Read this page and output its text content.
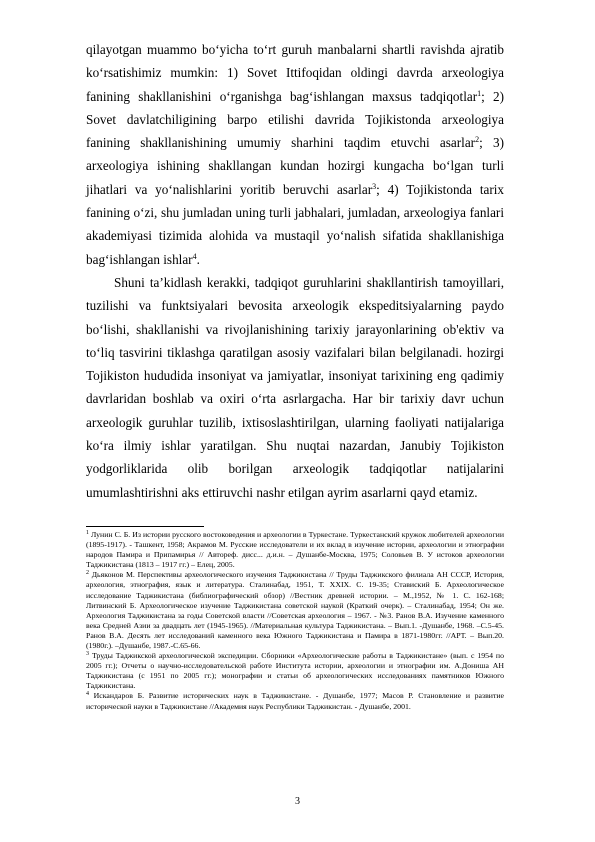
qilayotgan muammo bo‘yicha to‘rt guruh manbalarni shartli ravishda ajratib ko‘rsatishimiz mumkin: 1) Sovet Ittifoqidan oldingi davrda arxeologiya fanining shakllanishini o‘rganishga bag‘ishlangan maxsus tadqiqotlar$^1$; 2) Sovet davlatchiligining barpo etilishi davrida Tojikistonda arxeologiya fanining shakllanishining umumiy sharhini taqdim etuvchi asarlar$^2$; 3) arxeologiya ishining shakllangan kundan hozirgi kungacha bo‘lgan turli jihatlari va yo‘nalishlarini yoritib beruvchi asarlar$^3$; 4) Tojikistonda tarix fanining o‘zi, shu jumladan uning turli jabhalari, jumladan, arxeologiya fanlari akademiyasi tizimida alohida va mustaqil yo‘nalish sifatida shakllanishiga bag‘ishlangan ishlar$^4$.

Shuni ta’kidlash kerakki, tadqiqot guruhlarini shakllantirish tamoyillari, tuzilishi va funktsiyalari bevosita arxeologik ekspeditsiyalarning paydo bo‘lishi, shakllanishi va rivojlanishining tarixiy jarayonlarining ob'ektiv va to‘liq tasvirini tiklashga qaratilgan asosiy vazifalari bilan belgilanadi. hozirgi Tojikiston hududida insoniyat va jamiyatlar, insoniyat tarixining eng qadimiy davrlaridan boshlab va oxiri o‘rta asrlargacha. Har bir tarixiy davr uchun arxeologik guruhlar tuzilib, ixtisoslashtirilgan, ularning faoliyati natijalariga ko‘ra ilmiy ishlar yaratilgan. Shu nuqtai nazardan, Janubiy Tojikiston yodgorliklarida olib borilgan arxeologik tadqiqotlar natijalarini umumlashtirishni aks ettiruvchi nashr etilgan ayrim asarlarni qayd etamiz.

$^1$ Лунин С. Б. Из истории русского востоковедения и археологии в Туркестане. Туркестанский кружок любителей археологии (1895-1917). - Ташкент, 1958; Акрамов М. Русские исследователи и их вклад в изучение истории, археологии и этнографии народов Памира и Припамирья // Автореф. дисс... д.и.н. – Душанбе-Москва, 1975; Соловьев В. У истоков археологии Таджикистана (1813 – 1917 гг.) – Елец, 2005.

$^2$ Дьяконов М. Перспективы археологического изучения Таджикистана // Труды Таджикского филиала АН СССР, История, археология, этнография, язык и литература. Сталинабад, 1951, Т. XXIX. С. 19-35; Ставиский Б. Археологическое исследование Таджикистана (библиографический обзор) //Вестник древней истории. – М.,1952, № 1. С. 162-168; Литвинский Б. Археологическое изучение Таджикистана советской наукой (Краткий очерк). – Сталинабад, 1954; Он же. Археология Таджикистана за годы Советской власти //Советская археология – 1967. - №3. Ранов В.А. Изучение каменного века Средней Азии за двадцать лет (1945-1965). //Материальная культура Таджикистана. – Вып.1. -Душанбе, 1968. –С.5-45. Ранов В.А. Десять лет исследований каменного века Южного Таджикистана и Памира в 1871-1980гг. //АРТ. – Вып.20. (1980г.). –Душанбе, 1987.-С.65-66.

$^3$ Труды Таджикской археологической экспедиции. Сборники «Археологические работы в Таджикистане» (вып. с 1954 по 2005 гг.); Отчеты о научно-исследовательской работе Института истории, археологии и этнографии им. А.Дониша АН Таджикистана (с 1951 по 2005 гг.); монографии и статьи об археологических исследованиях памятников Южного Таджикистана.

$^4$ Искандаров Б. Развитие исторических наук в Таджикистане. - Душанбе, 1977; Масов Р. Становление и развитие исторической науки в Таджикистане //Академия наук Республики Таджикистан. - Душанбе, 2001.

3
